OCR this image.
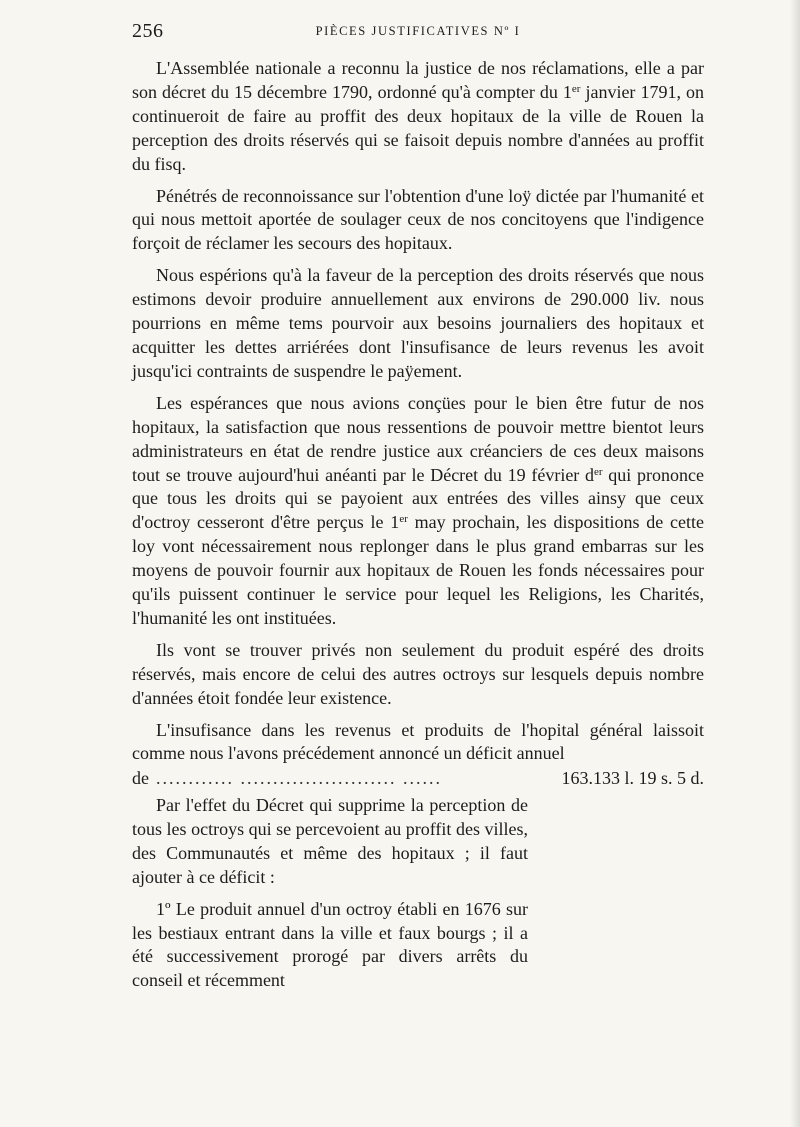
256	PIÈCES JUSTIFICATIVES Nº I

L'Assemblée nationale a reconnu la justice de nos réclamations, elle a par son décret du 15 décembre 1790, ordonné qu'à compter du 1er janvier 1791, on continueroit de faire au proffit des deux hopitaux de la ville de Rouen la perception des droits réservés qui se faisoit depuis nombre d'années au proffit du fisq.

Pénétrés de reconnoissance sur l'obtention d'une loÿ dictée par l'humanité et qui nous mettoit aportée de soulager ceux de nos concitoyens que l'indigence forçoit de réclamer les secours des hopitaux.

Nous espérions qu'à la faveur de la perception des droits réservés que nous estimons devoir produire annuellement aux environs de 290.000 liv. nous pourrions en même tems pourvoir aux besoins journaliers des hopitaux et acquitter les dettes arriérées dont l'insufisance de leurs revenus les avoit jusqu'ici contraints de suspendre le paÿement.

Les espérances que nous avions conçües pour le bien être futur de nos hopitaux, la satisfaction que nous ressentions de pouvoir mettre bientot leurs administrateurs en état de rendre justice aux créanciers de ces deux maisons tout se trouve aujourd'hui anéanti par le Décret du 19 février $d^{er}$ qui prononce que tous les droits qui se payoient aux entrées des villes ainsy que ceux d'octroy cesseront d'être perçus le 1er may prochain, les dispositions de cette loy vont nécessairement nous replonger dans le plus grand embarras sur les moyens de pouvoir fournir aux hopitaux de Rouen les fonds nécessaires pour qu'ils puissent continuer le service pour lequel les Religions, les Charités, l'humanité les ont instituées.

Ils vont se trouver privés non seulement du produit espéré des droits réservés, mais encore de celui des autres octroys sur lesquels depuis nombre d'années étoit fondée leur existence.

L'insufisance dans les revenus et produits de l'hopital général laissoit comme nous l'avons précédement annoncé un déficit annuel

de ............ ........................ ......	163.133 l. 19 s. 5 d.

Par l'effet du Décret qui supprime la perception de tous les octroys qui se percevoient au proffit des villes, des Communautés et même des hopitaux ; il faut ajouter à ce déficit :

1º Le produit annuel d'un octroy établi en 1676 sur les bestiaux entrant dans la ville et faux bourgs ; il a été successivement prorogé par divers arrêts du conseil et récemment
